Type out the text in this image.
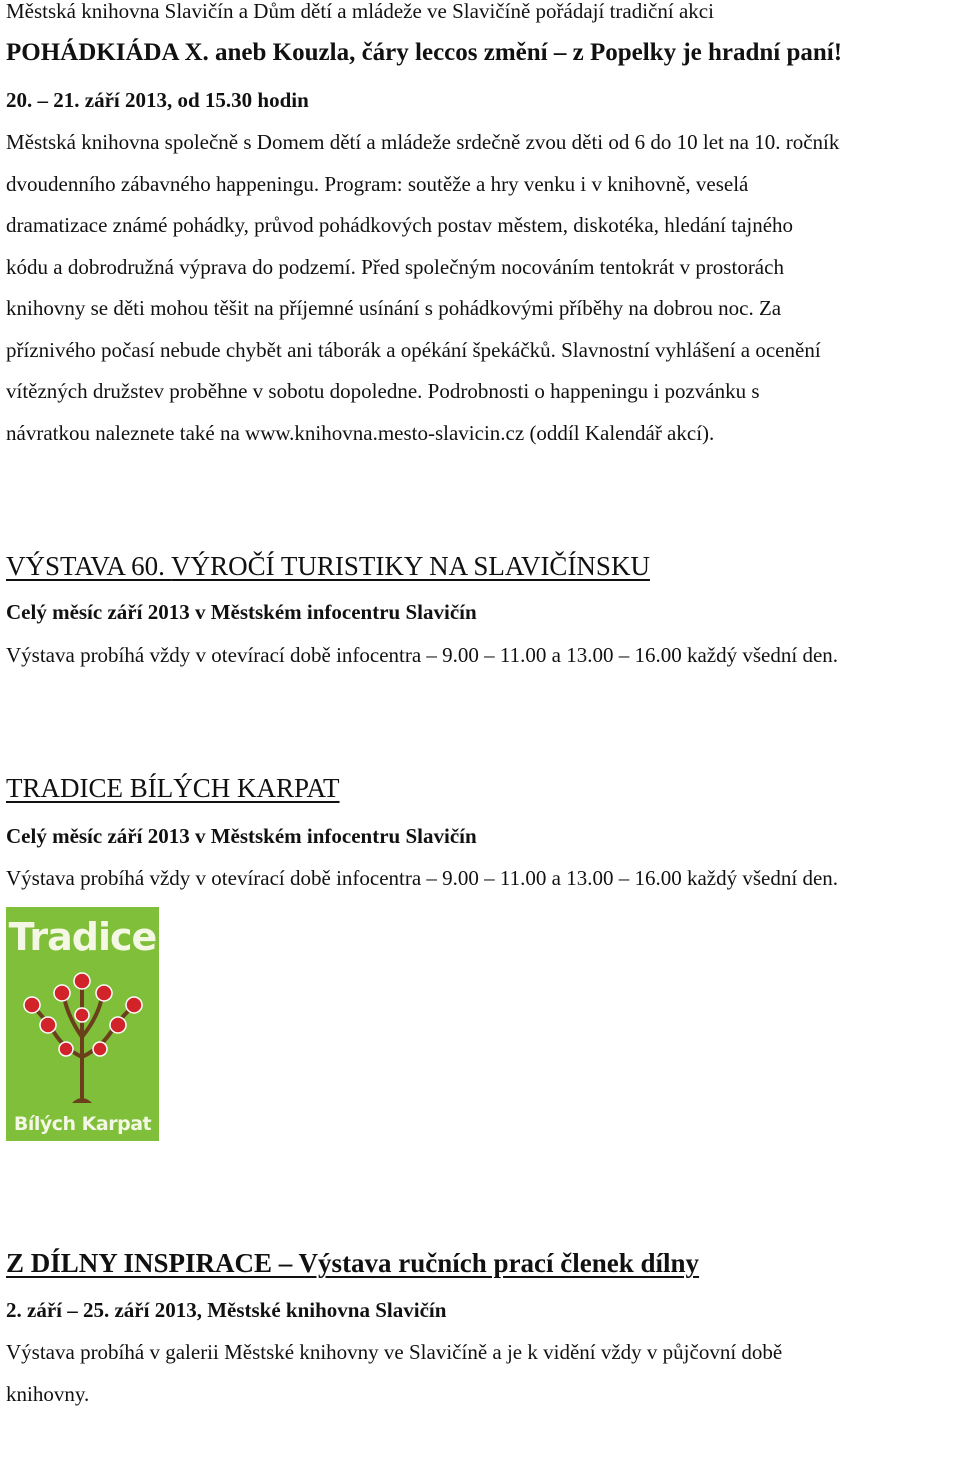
Městská knihovna Slavičín a Dům dětí a mládeže ve Slavičíně pořádají tradiční akci

POHÁDKIÁDA X. aneb Kouzla, čáry leccos změní – z Popelky je hradní paní!

20. – 21. září 2013, od 15.30 hodin

Městská knihovna společně s Domem dětí a mládeže srdečně zvou děti od 6 do 10 let na 10. ročník

dvoudenního zábavného happeningu. Program: soutěže a hry venku i v knihovně, veselá

dramatizace známé pohádky, průvod pohádkových postav městem, diskotéka, hledání tajného

kódu a dobrodružná výprava do podzemí. Před společným nocováním tentokrát v prostorách

knihovny se děti mohou těšit na příjemné usínání s pohádkovými příběhy na dobrou noc. Za

příznivého počasí nebude chybět ani táborák a opékání špekáčků. Slavnostní vyhlášení a ocenění

vítězných družstev proběhne v sobotu dopoledne. Podrobnosti o happeningu i pozvánku s

návratkou naleznete také na www.knihovna.mesto-slavicin.cz (oddíl Kalendář akcí).

VÝSTAVA 60. VÝROČÍ TURISTIKY NA SLAVIČÍNSKU

Celý měsíc září 2013 v Městském infocentru Slavičín

Výstava probíhá vždy v otevírací době infocentra – 9.00 – 11.00 a 13.00 – 16.00 každý všední den.

TRADICE BÍLÝCH KARPAT

Celý měsíc září 2013 v Městském infocentru Slavičín

Výstava probíhá vždy v otevírací době infocentra – 9.00 – 11.00 a 13.00 – 16.00 každý všední den.

Tradice
Bílých Karpat

Z DÍLNY INSPIRACE – Výstava ručních prací členek dílny

2. září – 25. září 2013, Městské knihovna Slavičín

Výstava probíhá v galerii Městské knihovny ve Slavičíně a je k vidění vždy v půjčovní době

knihovny.
